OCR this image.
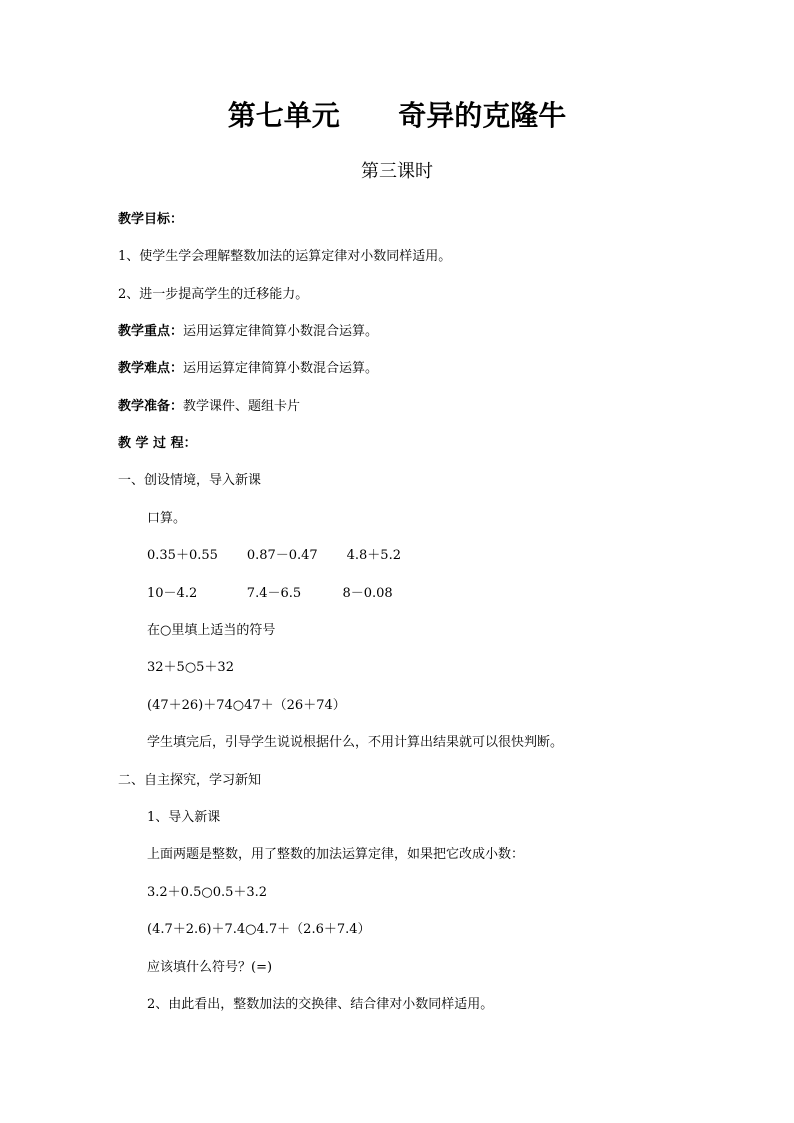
第七单元      奇异的克隆牛
第三课时
教学目标：
1、使学生学会理解整数加法的运算定律对小数同样适用。
2、进一步提高学生的迁移能力。
教学重点：运用运算定律简算小数混合运算。
教学难点：运用运算定律简算小数混合运算。
教学准备：教学课件、题组卡片
教 学 过 程：
一、创设情境，导入新课
口算。
0.35＋0.55       0.87－0.47       4.8＋5.2
10－4.2            7.4－6.5          8－0.08
在○里填上适当的符号
32＋5○5＋32
(47＋26)＋74○47＋（26＋74）
学生填完后，引导学生说说根据什么，不用计算出结果就可以很快判断。
二、自主探究，学习新知
1、导入新课
上面两题是整数，用了整数的加法运算定律，如果把它改成小数：
3.2＋0.5○0.5＋3.2
(4.7＋2.6)＋7.4○4.7＋（2.6＋7.4）
应该填什么符号？(=)
2、由此看出，整数加法的交换律、结合律对小数同样适用。
